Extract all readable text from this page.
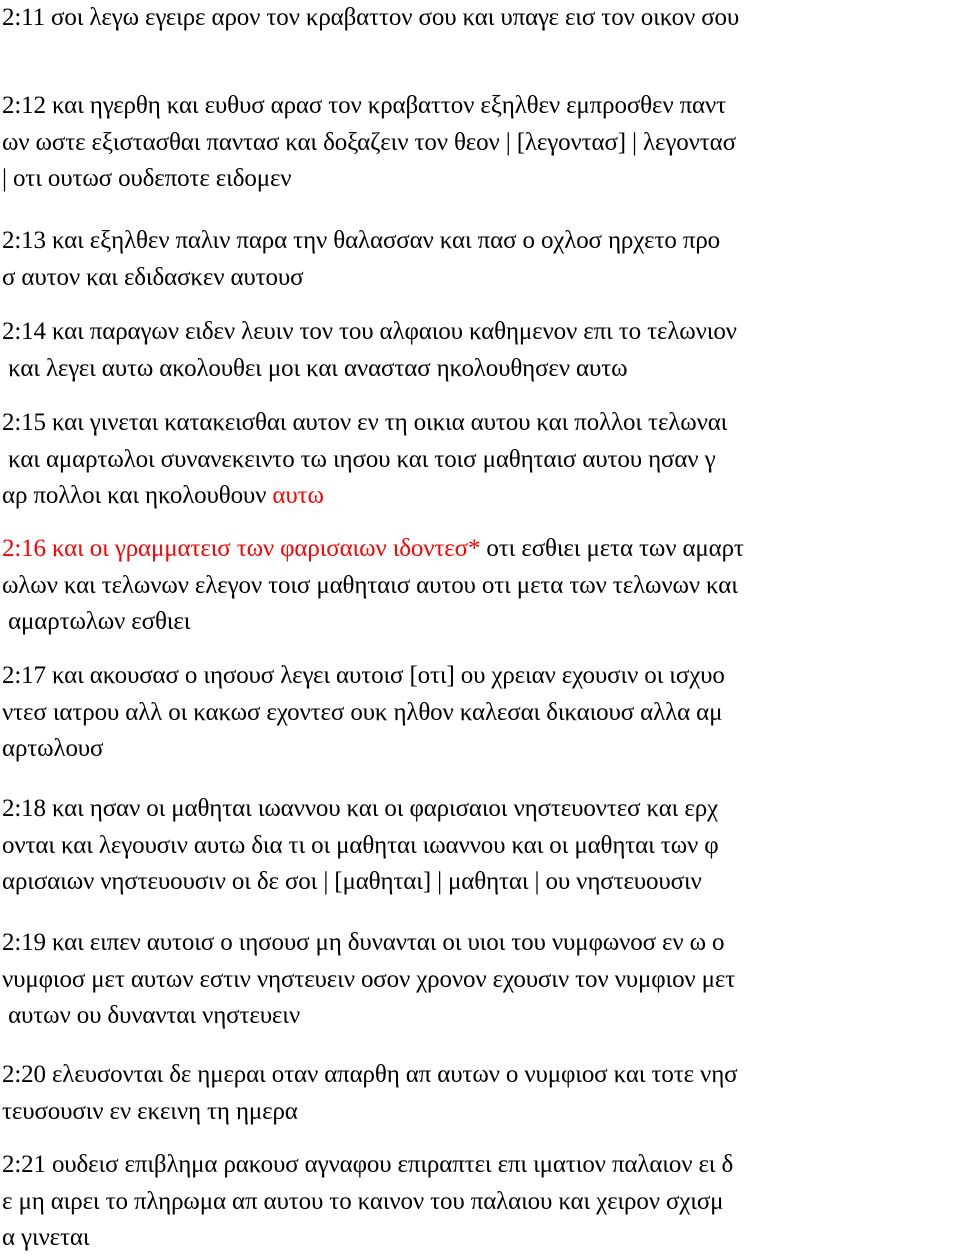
2:11 σοι λεγω εγειρε αρον τον κραβαττον σου και υπαγε εισ τον οικον σου
2:12 και ηγερθη και ευθυσ αρασ τον κραβαττον εξηλθεν εμπροσθεν παντ
ων ωστε εξιστασθαι παντασ και δοξαζειν τον θεον | [λεγοντασ] | λεγοντασ
| οτι ουτωσ ουδεποτε ειδομεν
2:13 και εξηλθεν παλιν παρα την θαλασσαν και πασ ο οχλοσ ηρχετο προ
σ αυτον και εδιδασκεν αυτουσ
2:14 και παραγων ειδεν λευιν τον του αλφαιου καθημενον επι το τελωνιον
και λεγει αυτω ακολουθει μοι και αναστασ ηκολουθησεν αυτω
2:15 και γινεται κατακεισθαι αυτον εν τη οικια αυτου και πολλοι τελωναι
και αμαρτωλοι συνανεκειντο τω ιησου και τοισ μαθηταισ αυτου ησαν γ
αρ πολλοι και ηκολουθουν αυτω
2:16 και οι γραμματεισ των φαρισαιων ιδοντεσ* οτι εσθιει μετα των αμαρτ
ωλων και τελωνων ελεγον τοισ μαθηταισ αυτου οτι μετα των τελωνων και
αμαρτωλων εσθιει
2:17 και ακουσασ ο ιησουσ λεγει αυτοισ [οτι] ου χρειαν εχουσιν οι ισχυο
ντεσ ιατρου αλλ οι κακωσ εχοντεσ ουκ ηλθον καλεσαι δικαιουσ αλλα αμ
αρτωλουσ
2:18 και ησαν οι μαθηται ιωαννου και οι φαρισαιοι νηστευοντεσ και ερχ
ονται και λεγουσιν αυτω δια τι οι μαθηται ιωαννου και οι μαθηται των φ
αρισαιων νηστευουσιν οι δε σοι | [μαθηται] | μαθηται | ου νηστευουσιν
2:19 και ειπεν αυτοισ ο ιησουσ μη δυνανται οι υιοι του νυμφωνοσ εν ω ο
νυμφιοσ μετ αυτων εστιν νηστευειν οσον χρονον εχουσιν τον νυμφιον μετ
αυτων ου δυνανται νηστευειν
2:20 ελευσονται δε ημεραι οταν απαρθη απ αυτων ο νυμφιοσ και τοτε νησ
τευσουσιν εν εκεινη τη ημερα
2:21 ουδεισ επιβλημα ρακουσ αγναφου επιραπτει επι ιματιον παλαιον ει δ
ε μη αιρει το πληρωμα απ αυτου το καινον του παλαιου και χειρον σχισμ
α γινεται
